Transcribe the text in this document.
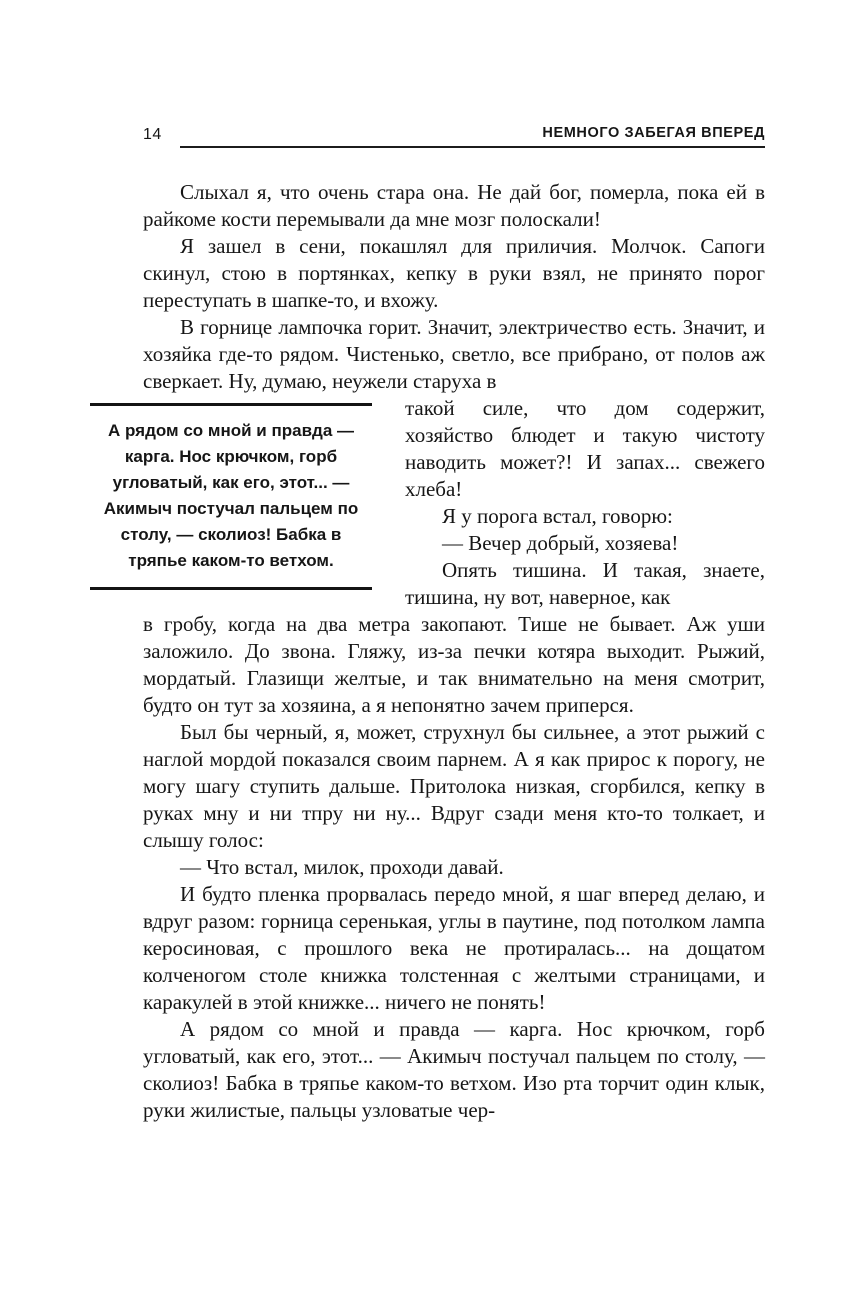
14	НЕМНОГО ЗАБЕГАЯ ВПЕРЕД

Слыхал я, что очень стара она. Не дай бог, померла, пока ей в райкоме кости перемывали да мне мозг полоскали!

Я зашел в сени, покашлял для приличия. Молчок. Сапоги скинул, стою в портянках, кепку в руки взял, не принято порог переступать в шапке-то, и вхожу.

В горнице лампочка горит. Значит, электричество есть. Значит, и хозяйка где-то рядом. Чистенько, светло, все прибрано, от полов аж сверкает. Ну, думаю, неужели старуха в

А рядом со мной и правда — карга. Нос крючком, горб угловатый, как его, этот... — Акимыч постучал пальцем по столу, — сколиоз! Бабка в тряпье каком-то ветхом.

такой силе, что дом содержит, хозяйство блюдет и такую чистоту наводить может?! И запах... свежего хлеба!

Я у порога встал, говорю:

— Вечер добрый, хозяева!

Опять тишина. И такая, знаете, тишина, ну вот, наверное, как

в гробу, когда на два метра закопают. Тише не бывает. Аж уши заложило. До звона. Гляжу, из-за печки котяра выходит. Рыжий, мордатый. Глазищи желтые, и так внимательно на меня смотрит, будто он тут за хозяина, а я непонятно зачем приперся.

Был бы черный, я, может, струхнул бы сильнее, а этот рыжий с наглой мордой показался своим парнем. А я как прирос к порогу, не могу шагу ступить дальше. Притолока низкая, сгорбился, кепку в руках мну и ни тпру ни ну... Вдруг сзади меня кто-то толкает, и слышу голос:

— Что встал, милок, проходи давай.

И будто пленка прорвалась передо мной, я шаг вперед делаю, и вдруг разом: горница серенькая, углы в паутине, под потолком лампа керосиновая, с прошлого века не протиралась... на дощатом колченогом столе книжка толстенная с желтыми страницами, и каракулей в этой книжке... ничего не понять!

А рядом со мной и правда — карга. Нос крючком, горб угловатый, как его, этот... — Акимыч постучал пальцем по столу, — сколиоз! Бабка в тряпье каком-то ветхом. Изо рта торчит один клык, руки жилистые, пальцы узловатые чер-
